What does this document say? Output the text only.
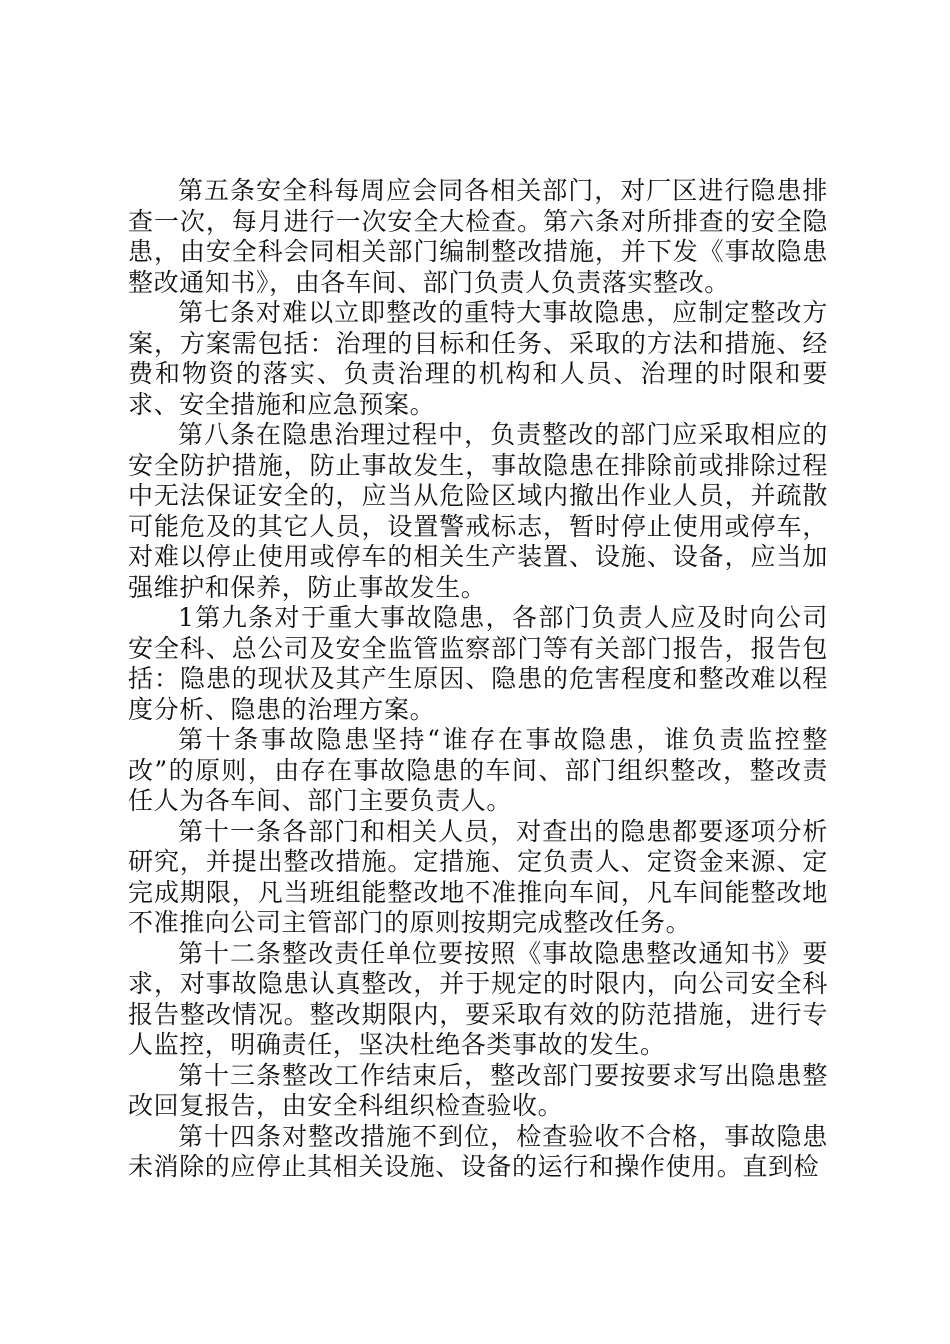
第五条安全科每周应会同各相关部门，对厂区进行隐患排查一次，每月进行一次安全大检查。第六条对所排查的安全隐患，由安全科会同相关部门编制整改措施，并下发《事故隐患整改通知书》，由各车间、部门负责人负责落实整改。

第七条对难以立即整改的重特大事故隐患，应制定整改方案，方案需包括：治理的目标和任务、采取的方法和措施、经费和物资的落实、负责治理的机构和人员、治理的时限和要求、安全措施和应急预案。

第八条在隐患治理过程中，负责整改的部门应采取相应的安全防护措施，防止事故发生，事故隐患在排除前或排除过程中无法保证安全的，应当从危险区域内撤出作业人员，并疏散可能危及的其它人员，设置警戒标志，暂时停止使用或停车，对难以停止使用或停车的相关生产装置、设施、设备，应当加强维护和保养，防止事故发生。

1第九条对于重大事故隐患，各部门负责人应及时向公司安全科、总公司及安全监管监察部门等有关部门报告，报告包括：隐患的现状及其产生原因、隐患的危害程度和整改难以程度分析、隐患的治理方案。

第十条事故隐患坚持“谁存在事故隐患，谁负责监控整改”的原则，由存在事故隐患的车间、部门组织整改，整改责任人为各车间、部门主要负责人。

第十一条各部门和相关人员，对查出的隐患都要逐项分析研究，并提出整改措施。定措施、定负责人、定资金来源、定完成期限，凡当班组能整改地不准推向车间，凡车间能整改地不准推向公司主管部门的原则按期完成整改任务。

第十二条整改责任单位要按照《事故隐患整改通知书》要求，对事故隐患认真整改，并于规定的时限内，向公司安全科报告整改情况。整改期限内，要采取有效的防范措施，进行专人监控，明确责任，坚决杜绝各类事故的发生。

第十三条整改工作结束后，整改部门要按要求写出隐患整改回复报告，由安全科组织检查验收。

第十四条对整改措施不到位，检查验收不合格，事故隐患未消除的应停止其相关设施、设备的运行和操作使用。直到检
